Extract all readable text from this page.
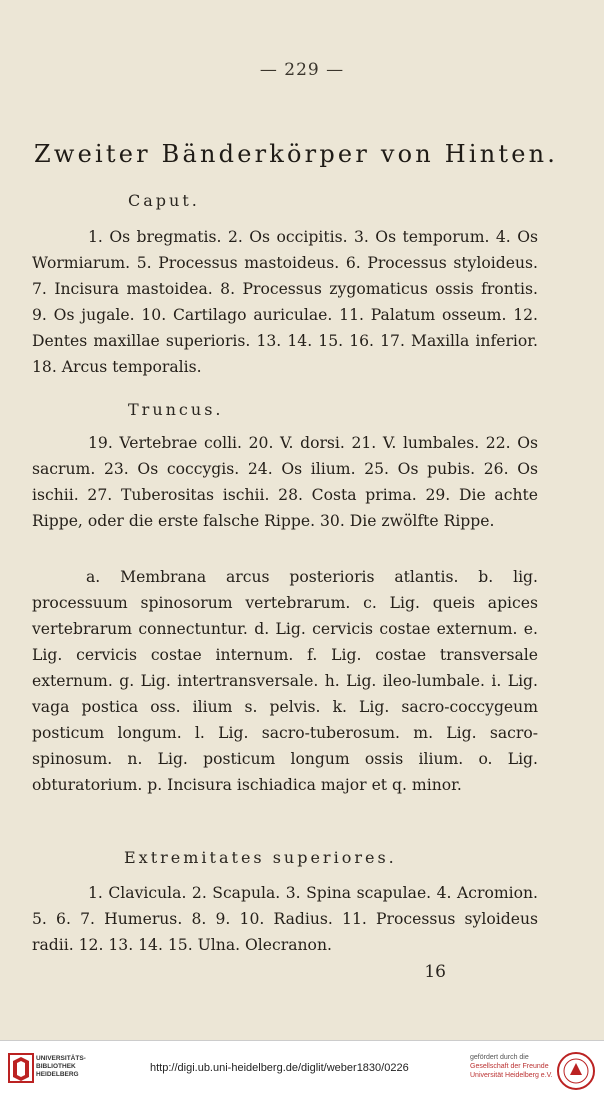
— 229 —
Zweiter Bänderkörper von Hinten.
Caput.

1. Os bregmatis. 2. Os occipitis. 3. Os temporum. 4. Os Wormiarum. 5. Processus mastoideus. 6. Processus styloideus. 7. Incisura mastoidea. 8. Processus zygomaticus ossis frontis. 9. Os jugale. 10. Cartilago auriculae. 11. Palatum osseum. 12. Dentes maxillae superioris. 13. 14. 15. 16. 17. Maxilla inferior. 18. Arcus temporalis.

Truncus.

19. Vertebrae colli. 20. V. dorsi. 21. V. lumbales. 22. Os sacrum. 23. Os coccygis. 24. Os ilium. 25. Os pubis. 26. Os ischii. 27. Tuberositas ischii. 28. Costa prima. 29. Die achte Rippe, oder die erste falsche Rippe. 30. Die zwölfte Rippe.

a. Membrana arcus posterioris atlantis. b. lig. processuum spinosorum vertebrarum. c. Lig. queis apices vertebrarum connectuntur. d. Lig. cervicis costae externum. e. Lig. cervicis costae internum. f. Lig. costae transversale externum. g. Lig. intertransversale. h. Lig. ileo-lumbale. i. Lig. vaga postica oss. ilium s. pelvis. k. Lig. sacro-coccygeum posticum longum. l. Lig. sacro-tuberosum. m. Lig. sacro-spinosum. n. Lig. posticum longum ossis ilium. o. Lig. obturatorium. p. Incisura ischiadica major et q. minor.

Extremitates superiores.

1. Clavicula. 2. Scapula. 3. Spina scapulae. 4. Acromion. 5. 6. 7. Humerus. 8. 9. 10. Radius. 11. Processus syloideus radii. 12. 13. 14. 15. Ulna. Olecranon.

16
UNIVERSITÄTS-
BIBLIOTHEK
HEIDELBERG
http://digi.ub.uni-heidelberg.de/diglit/weber1830/0226
gefördert durch die
Gesellschaft der Freunde
Universität Heidelberg e.V.
